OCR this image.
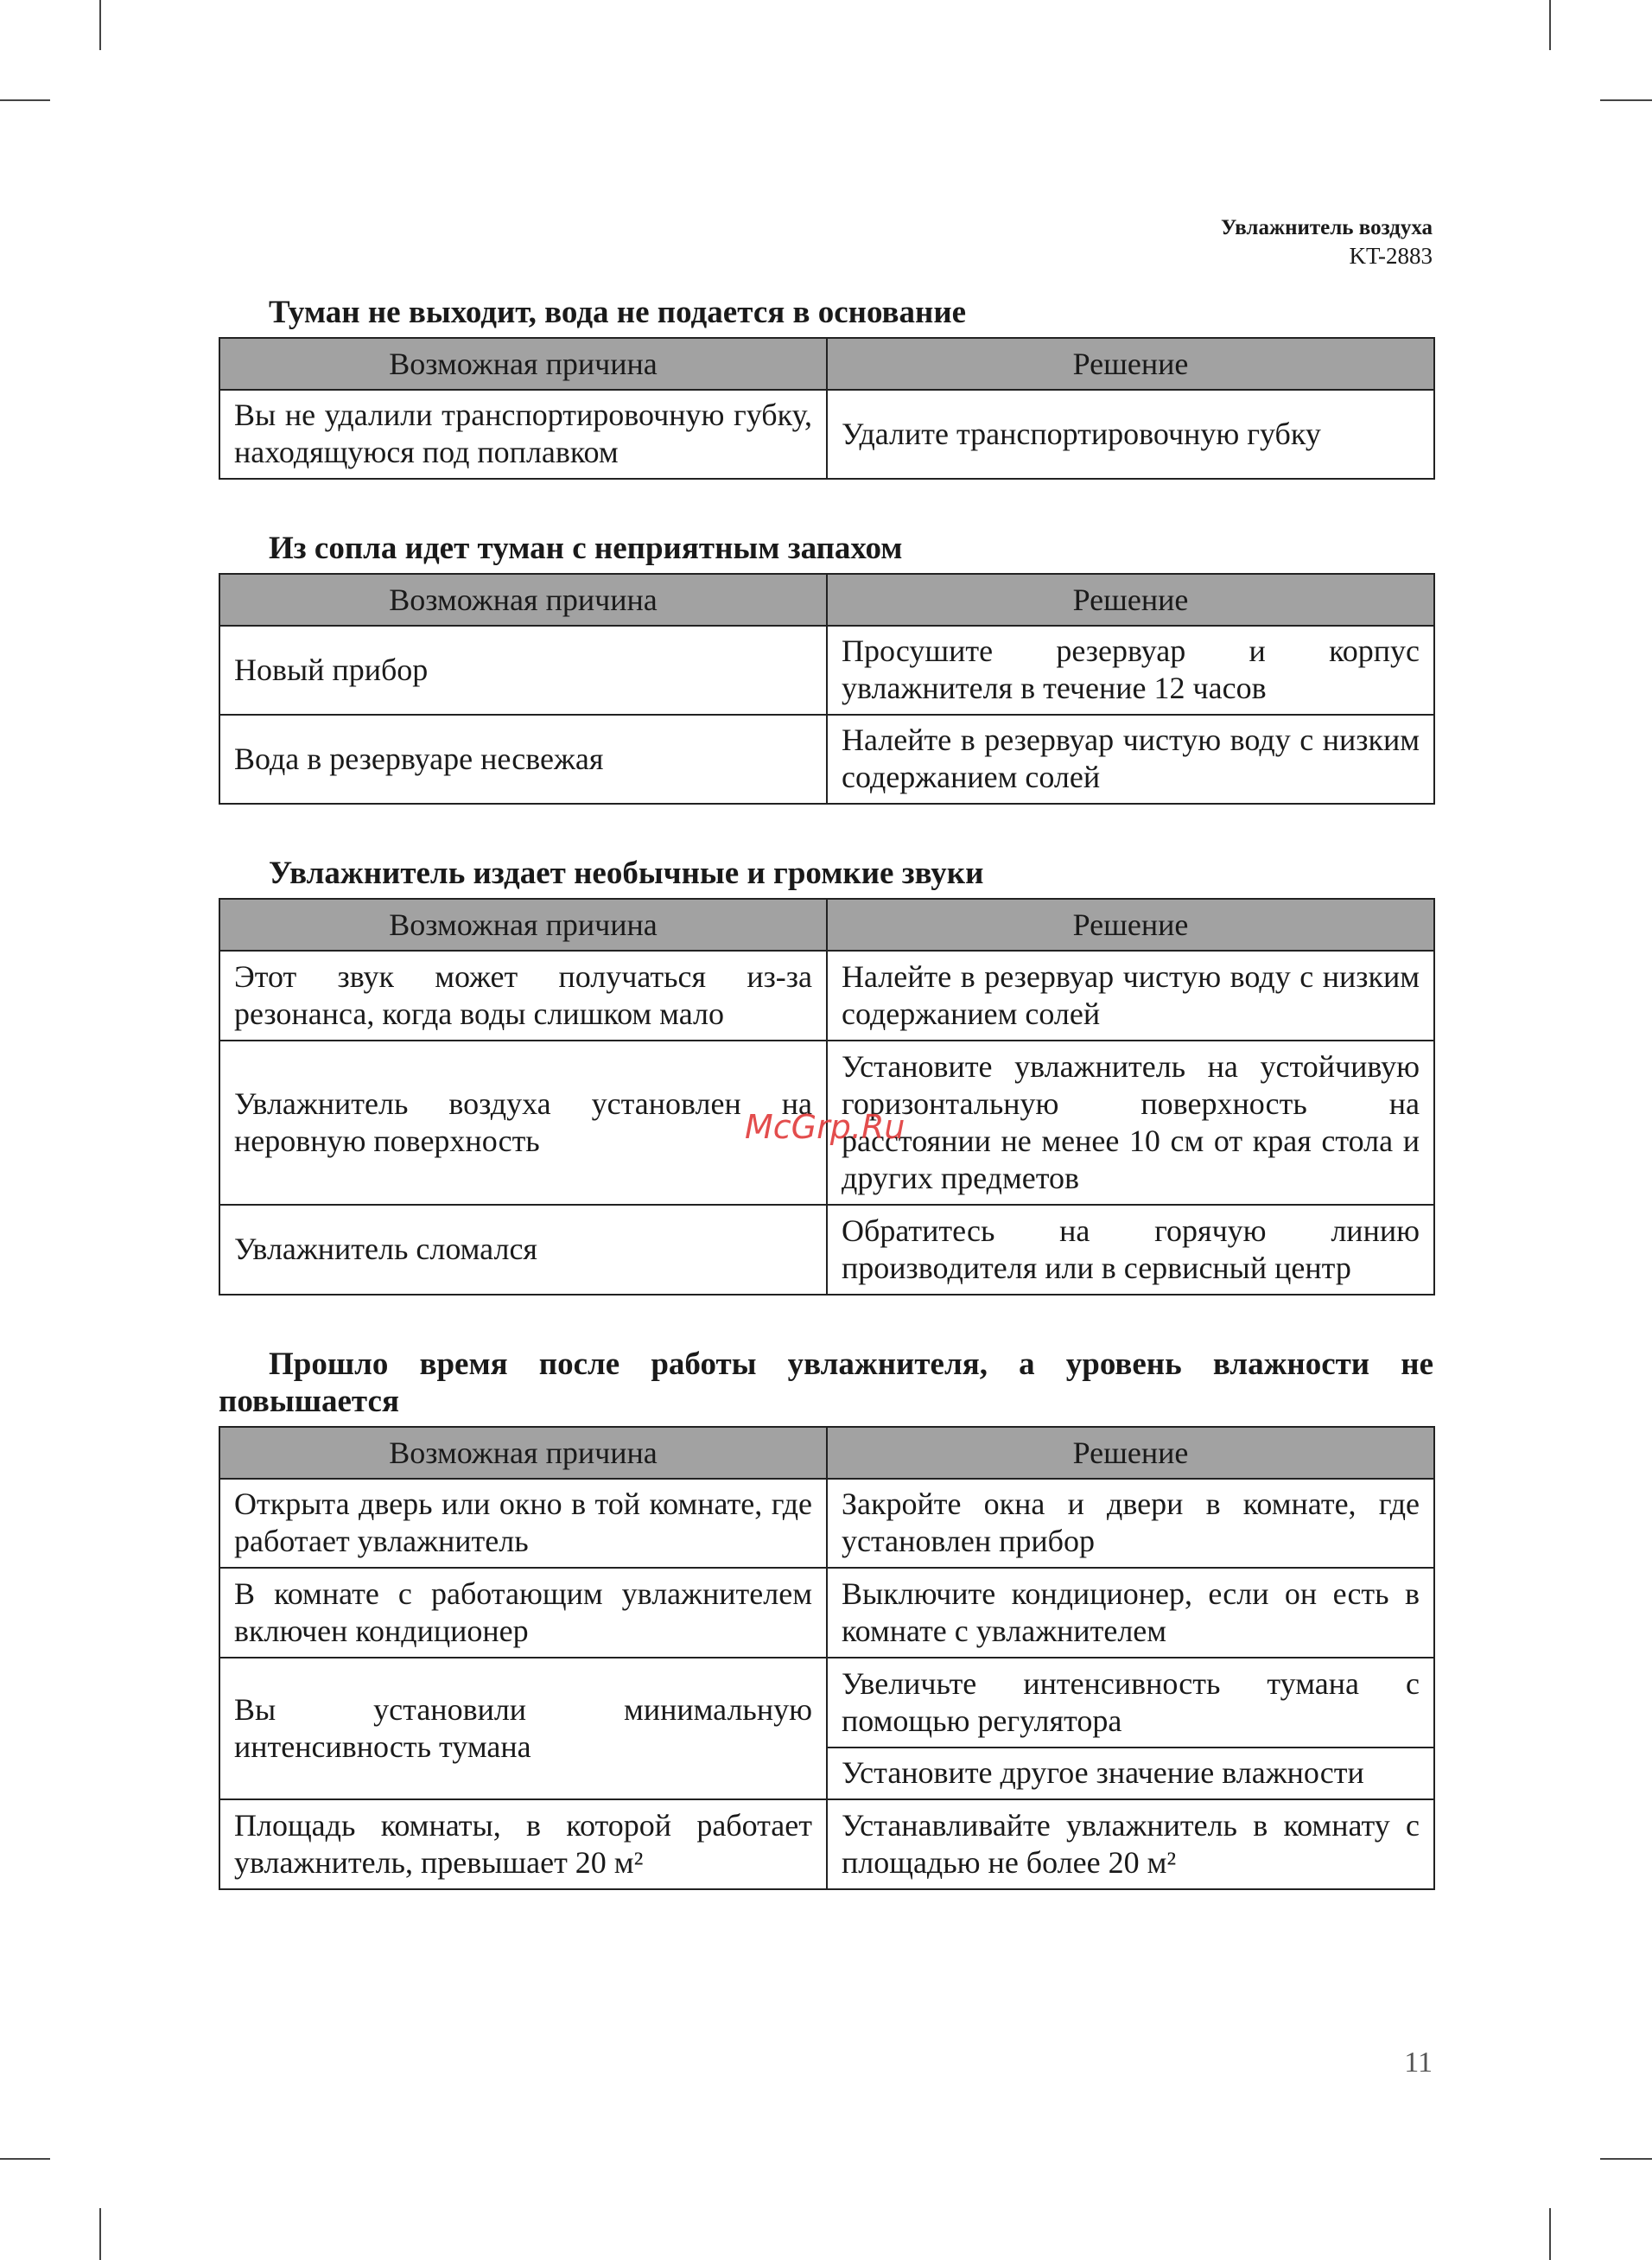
Увлажнитель воздуха
KT-2883
Туман не выходит, вода не подается в основание
Возможная причина	Решение
Вы не удалили транспортировочную губку, находящуюся под поплавком	Удалите транспортировочную губку
Из сопла идет туман с неприятным запахом
Возможная причина	Решение
Новый прибор	Просушите резервуар и корпус увлажнителя в течение 12 часов
Вода в резервуаре несвежая	Налейте в резервуар чистую воду с низким содержанием солей
Увлажнитель издает необычные и громкие звуки
Возможная причина	Решение
Этот звук может получаться из-за резонанса, когда воды слишком мало	Налейте в резервуар чистую воду с низким содержанием солей
Увлажнитель воздуха установлен на неровную поверхность	Установите увлажнитель на устойчивую горизонтальную поверхность на расстоянии не менее 10 см от края стола и других предметов
Увлажнитель сломался	Обратитесь на горячую линию производителя или в сервисный центр
Прошло время после работы увлажнителя, а уровень влажности не повышается
Возможная причина	Решение
Открыта дверь или окно в той комнате, где работает увлажнитель	Закройте окна и двери в комнате, где установлен прибор
В комнате с работающим увлажнителем включен кондиционер	Выключите кондиционер, если он есть в комнате с увлажнителем
Вы установили минимальную интенсивность тумана	Увеличьте интенсивность тумана с помощью регулятора
	Установите другое значение влажности
Площадь комнаты, в которой работает увлажнитель, превышает 20 м²	Устанавливайте увлажнитель в комнату с площадью не более 20 м²
McGrp.Ru
11
